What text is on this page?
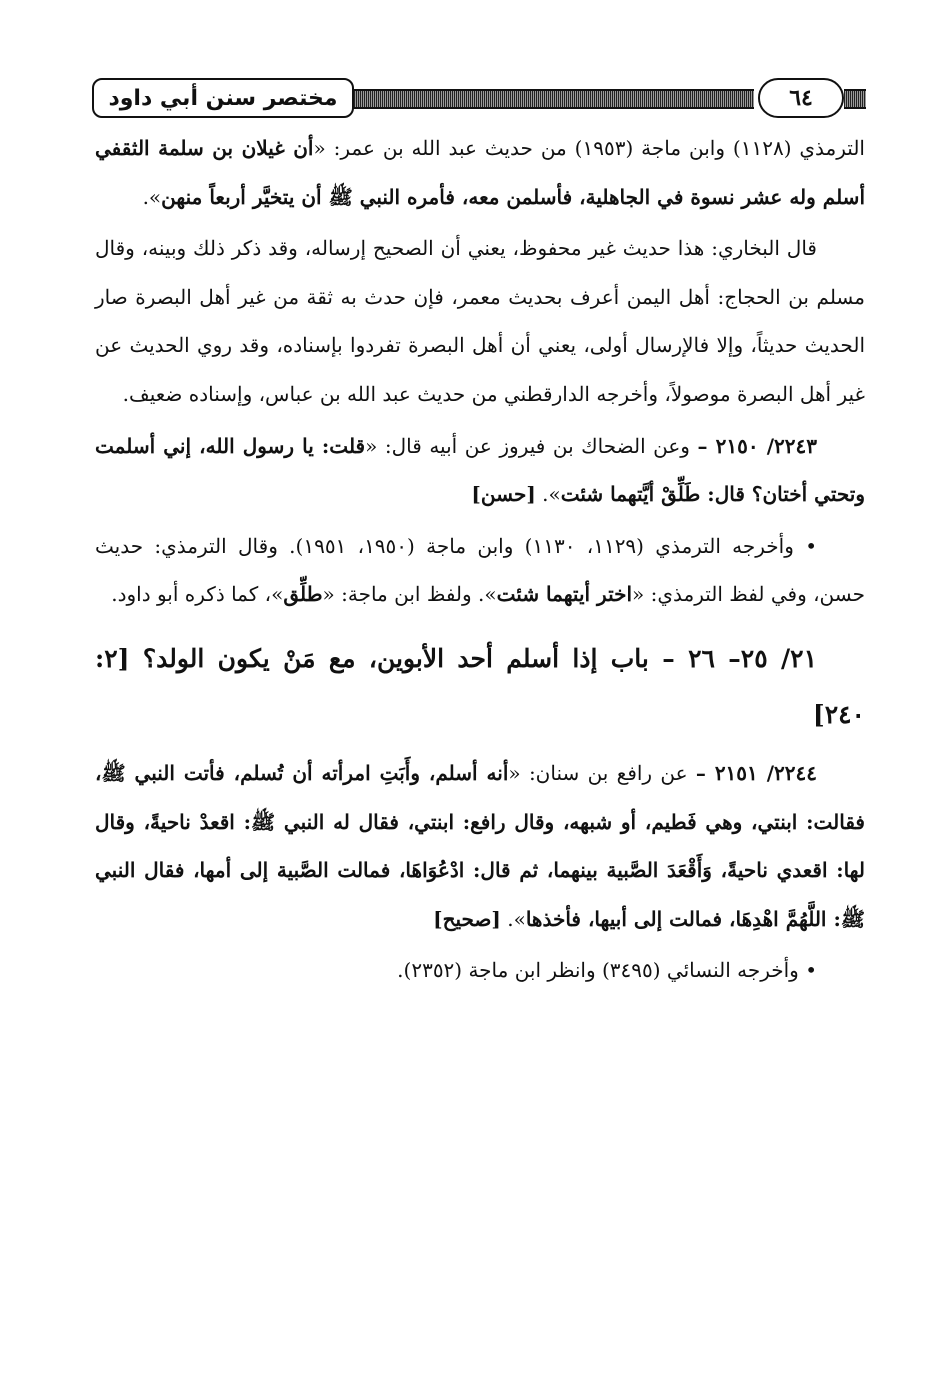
مختصر سنن أبي داود	٦٤

الترمذي (١١٢٨) وابن ماجة (١٩٥٣) من حديث عبد الله بن عمر: «أن غيلان بن سلمة الثقفي أسلم وله عشر نسوة في الجاهلية، فأسلمن معه، فأمره النبي ﷺ أن يتخيَّر أربعاً منهن».

قال البخاري: هذا حديث غير محفوظ، يعني أن الصحيح إرساله، وقد ذكر ذلك وبينه، وقال مسلم بن الحجاج: أهل اليمن أعرف بحديث معمر، فإن حدث به ثقة من غير أهل البصرة صار الحديث حديثاً، وإلا فالإرسال أولى، يعني أن أهل البصرة تفردوا بإسناده، وقد روي الحديث عن غير أهل البصرة موصولاً، وأخرجه الدارقطني من حديث عبد الله بن عباس، وإسناده ضعيف.

٢٢٤٣/ ٢١٥٠ – وعن الضحاك بن فيروز عن أبيه قال: «قلت: يا رسول الله، إني أسلمت وتحتي أختان؟ قال: طَلِّقْ أيَّتهما شئت». [حسن]

• وأخرجه الترمذي (١١٢٩، ١١٣٠) وابن ماجة (١٩٥٠، ١٩٥١). وقال الترمذي: حديث حسن، وفي لفظ الترمذي: «اختر أيتهما شئت». ولفظ ابن ماجة: «طلِّق»، كما ذكره أبو داود.

٢١/ ٢٥– ٢٦ – باب إذا أسلم أحد الأبوين، مع مَنْ يكون الولد؟ [٢: ٢٤٠]

٢٢٤٤/ ٢١٥١ – عن رافع بن سنان: «أنه أسلم، وأَبَتِ امرأته أن تُسلم، فأتت النبي ﷺ، فقالت: ابنتي، وهي فَطيم، أو شبهه، وقال رافع: ابنتي، فقال له النبي ﷺ: اقعدْ ناحيةً، وقال لها: اقعدي ناحيةً، وَأَقْعَدَ الصَّبية بينهما، ثم قال: ادْعُوَاهَا، فمالت الصَّبية إلى أمها، فقال النبي ﷺ: اللَّهُمَّ اهْدِهَا، فمالت إلى أبيها، فأخذها». [صحيح]

• وأخرجه النسائي (٣٤٩٥) وانظر ابن ماجة (٢٣٥٢).
